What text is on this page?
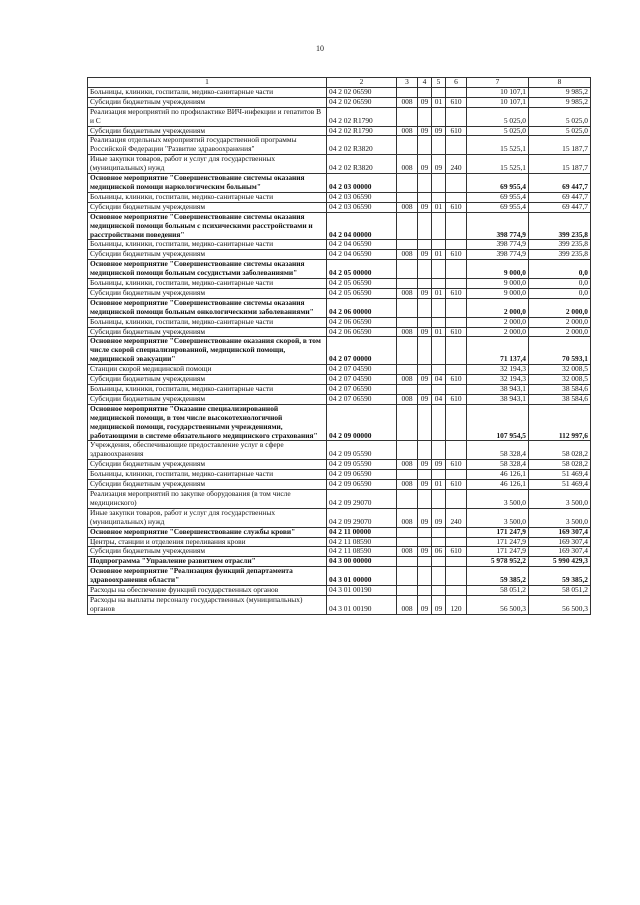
10
1	2	3	4	5	6	7	8
Больницы, клиники, госпитали, медико-санитарные части	04 2 02 06590					10 107,1	9 985,2
Субсидии бюджетным учреждениям	04 2 02 06590	008	09	01	610	10 107,1	9 985,2
Реализация мероприятий по профилактике ВИЧ-инфекции и гепатитов В и С	04 2 02 R1790					5 025,0	5 025,0
Субсидии бюджетным учреждениям	04 2 02 R1790	008	09	09	610	5 025,0	5 025,0
Реализация отдельных мероприятий государственной программы Российской Федерации "Развитие здравоохранения"	04 2 02 R3820					15 525,1	15 187,7
Иные закупки товаров, работ и услуг для государственных (муниципальных) нужд	04 2 02 R3820	008	09	09	240	15 525,1	15 187,7
Основное мероприятие "Совершенствование системы оказания медицинской помощи наркологическим больным"	04 2 03 00000					69 955,4	69 447,7
Больницы, клиники, госпитали, медико-санитарные части	04 2 03 06590					69 955,4	69 447,7
Субсидии бюджетным учреждениям	04 2 03 06590	008	09	01	610	69 955,4	69 447,7
Основное мероприятие "Совершенствование системы оказания медицинской помощи больным с психическими расстройствами и расстройствами поведения"	04 2 04 00000					398 774,9	399 235,8
Больницы, клиники, госпитали, медико-санитарные части	04 2 04 06590					398 774,9	399 235,8
Субсидии бюджетным учреждениям	04 2 04 06590	008	09	01	610	398 774,9	399 235,8
Основное мероприятие "Совершенствование системы оказания медицинской помощи больным сосудистыми заболеваниями"	04 2 05 00000					9 000,0	0,0
Больницы, клиники, госпитали, медико-санитарные части	04 2 05 06590					9 000,0	0,0
Субсидии бюджетным учреждениям	04 2 05 06590	008	09	01	610	9 000,0	0,0
Основное мероприятие "Совершенствование системы оказания медицинской помощи больным онкологическими заболеваниями"	04 2 06 00000					2 000,0	2 000,0
Больницы, клиники, госпитали, медико-санитарные части	04 2 06 06590					2 000,0	2 000,0
Субсидии бюджетным учреждениям	04 2 06 06590	008	09	01	610	2 000,0	2 000,0
Основное мероприятие "Совершенствование оказания скорой, в том числе скорой специализированной, медицинской помощи, медицинской эвакуации"	04 2 07 00000					71 137,4	70 593,1
Станции скорой медицинской помощи	04 2 07 04590					32 194,3	32 008,5
Субсидии бюджетным учреждениям	04 2 07 04590	008	09	04	610	32 194,3	32 008,5
Больницы, клиники, госпитали, медико-санитарные части	04 2 07 06590					38 943,1	38 584,6
Субсидии бюджетным учреждениям	04 2 07 06590	008	09	04	610	38 943,1	38 584,6
Основное мероприятие "Оказание специализированной медицинской помощи, в том числе высокотехнологичной медицинской помощи, государственными учреждениями, работающими в системе обязательного медицинского страхования"	04 2 09 00000					107 954,5	112 997,6
Учреждения, обеспечивающие предоставление услуг в сфере здравоохранения	04 2 09 05590					58 328,4	58 028,2
Субсидии бюджетным учреждениям	04 2 09 05590	008	09	09	610	58 328,4	58 028,2
Больницы, клиники, госпитали, медико-санитарные части	04 2 09 06590					46 126,1	51 469,4
Субсидии бюджетным учреждениям	04 2 09 06590	008	09	01	610	46 126,1	51 469,4
Реализация мероприятий по закупке оборудования (в том числе медицинского)	04 2 09 29070					3 500,0	3 500,0
Иные закупки товаров, работ и услуг для государственных (муниципальных) нужд	04 2 09 29070	008	09	09	240	3 500,0	3 500,0
Основное мероприятие "Совершенствование службы крови"	04 2 11 00000					171 247,9	169 307,4
Центры, станции и отделения переливания крови	04 2 11 08590					171 247,9	169 307,4
Субсидии бюджетным учреждениям	04 2 11 08590	008	09	06	610	171 247,9	169 307,4
Подпрограмма "Управление развитием отрасли"	04 3 00 00000					5 978 952,2	5 990 429,3
Основное мероприятие "Реализация функций департамента здравоохранения области"	04 3 01 00000					59 385,2	59 385,2
Расходы на обеспечение функций государственных органов	04 3 01 00190					58 051,2	58 051,2
Расходы на выплаты персоналу государственных (муниципальных) органов	04 3 01 00190	008	09	09	120	56 500,3	56 500,3
